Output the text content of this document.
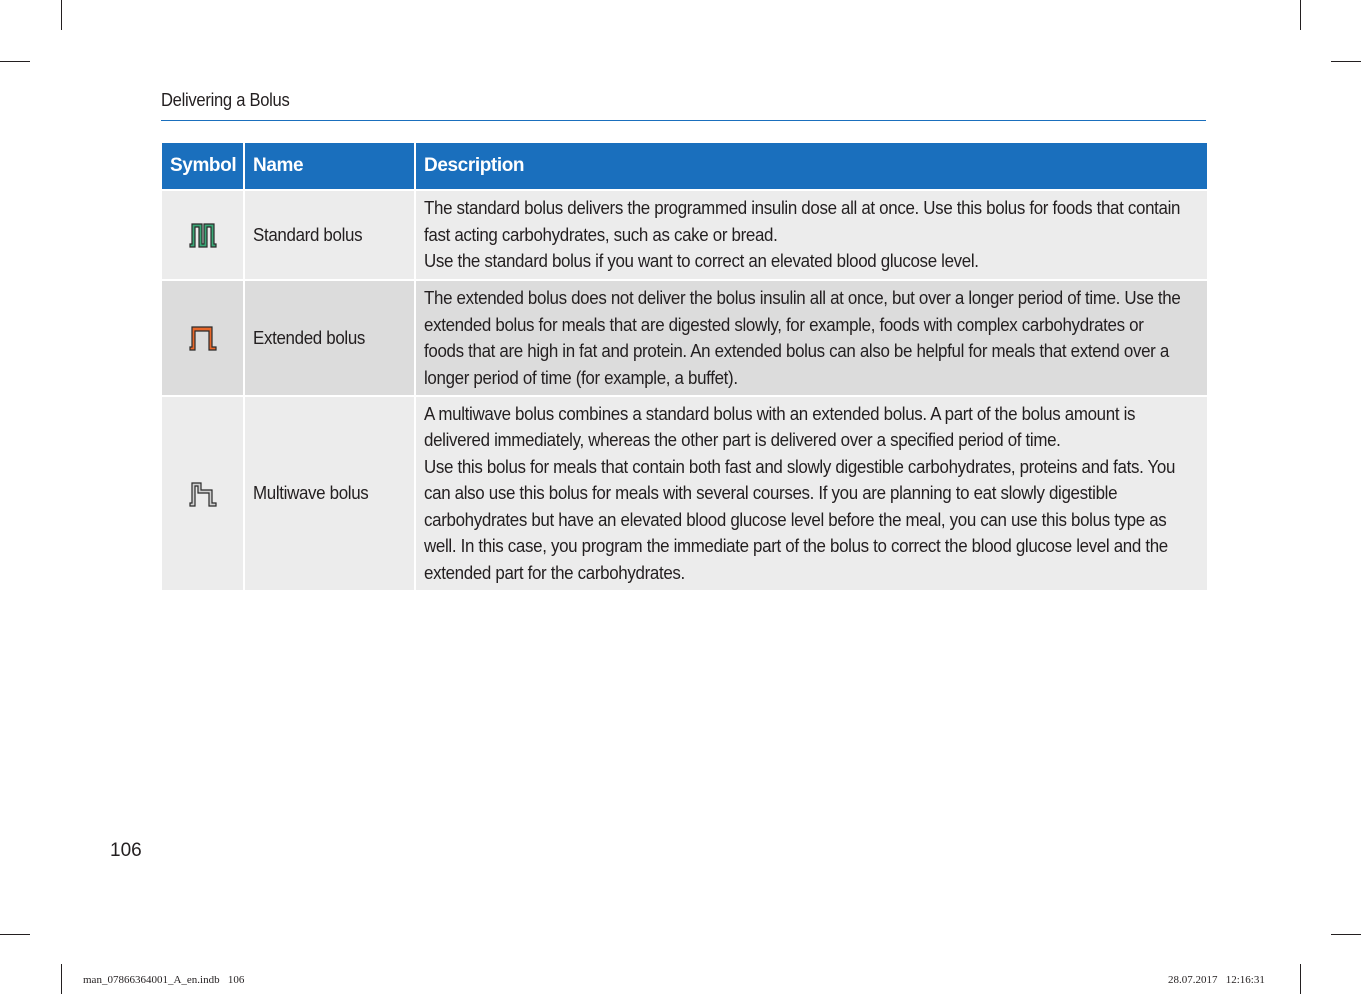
Delivering a Bolus
Symbol	Name	Description

	Standard bolus	The standard bolus delivers the programmed insulin dose all at once. Use this bolus for foods that contain fast acting carbohydrates, such as cake or bread. Use the standard bolus if you want to correct an elevated blood glucose level.

	Extended bolus	The extended bolus does not deliver the bolus insulin all at once, but over a longer period of time. Use the extended bolus for meals that are digested slowly, for example, foods with complex carbohydrates or foods that are high in fat and protein. An extended bolus can also be helpful for meals that extend over a longer period of time (for example, a buffet).

	Multiwave bolus	A multiwave bolus combines a standard bolus with an extended bolus. A part of the bolus amount is delivered immediately, whereas the other part is delivered over a specified period of time. Use this bolus for meals that contain both fast and slowly digestible carbohydrates, proteins and fats. You can also use this bolus for meals with several courses. If you are planning to eat slowly digestible carbohydrates but have an elevated blood glucose level before the meal, you can use this bolus type as well. In this case, you program the immediate part of the bolus to correct the blood glucose level and the extended part for the carbohydrates.
106
man_07866364001_A_en.indb   106	28.07.2017   12:16:31
